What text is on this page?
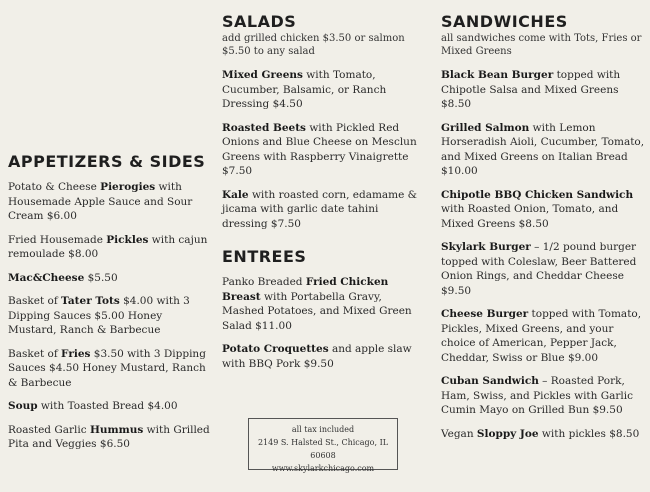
APPETIZERS & SIDES
Potato & Cheese Pierogies with Housemade Apple Sauce and Sour Cream $6.00
Fried Housemade Pickles with cajun remoulade $8.00
Mac&Cheese $5.50
Basket of Tater Tots $4.00 with 3 Dipping Sauces $5.00 Honey Mustard, Ranch & Barbecue
Basket of Fries $3.50 with 3 Dipping Sauces $4.50 Honey Mustard, Ranch & Barbecue
Soup with Toasted Bread $4.00
Roasted Garlic Hummus with Grilled Pita and Veggies $6.50
SALADS
add grilled chicken $3.50 or salmon $5.50 to any salad
Mixed Greens with Tomato, Cucumber, Balsamic, or Ranch Dressing $4.50
Roasted Beets with Pickled Red Onions and Blue Cheese on Mesclun Greens with Raspberry Vinaigrette $7.50
Kale with roasted corn, edamame & jicama with garlic date tahini dressing $7.50
ENTREES
Panko Breaded Fried Chicken Breast with Portabella Gravy, Mashed Potatoes, and Mixed Green Salad $11.00
Potato Croquettes and apple slaw with BBQ Pork $9.50
all tax included
2149 S. Halsted St., Chicago, IL 60608
www.skylarkchicago.com
SANDWICHES
all sandwiches come with Tots, Fries or Mixed Greens
Black Bean Burger topped with Chipotle Salsa and Mixed Greens $8.50
Grilled Salmon with Lemon Horseradish Aioli, Cucumber, Tomato, and Mixed Greens on Italian Bread $10.00
Chipotle BBQ Chicken Sandwich with Roasted Onion, Tomato, and Mixed Greens $8.50
Skylark Burger – 1/2 pound burger topped with Coleslaw, Beer Battered Onion Rings, and Cheddar Cheese $9.50
Cheese Burger topped with Tomato, Pickles, Mixed Greens, and your choice of American, Pepper Jack, Cheddar, Swiss or Blue $9.00
Cuban Sandwich – Roasted Pork, Ham, Swiss, and Pickles with Garlic Cumin Mayo on Grilled Bun $9.50
Vegan Sloppy Joe with pickles $8.50
